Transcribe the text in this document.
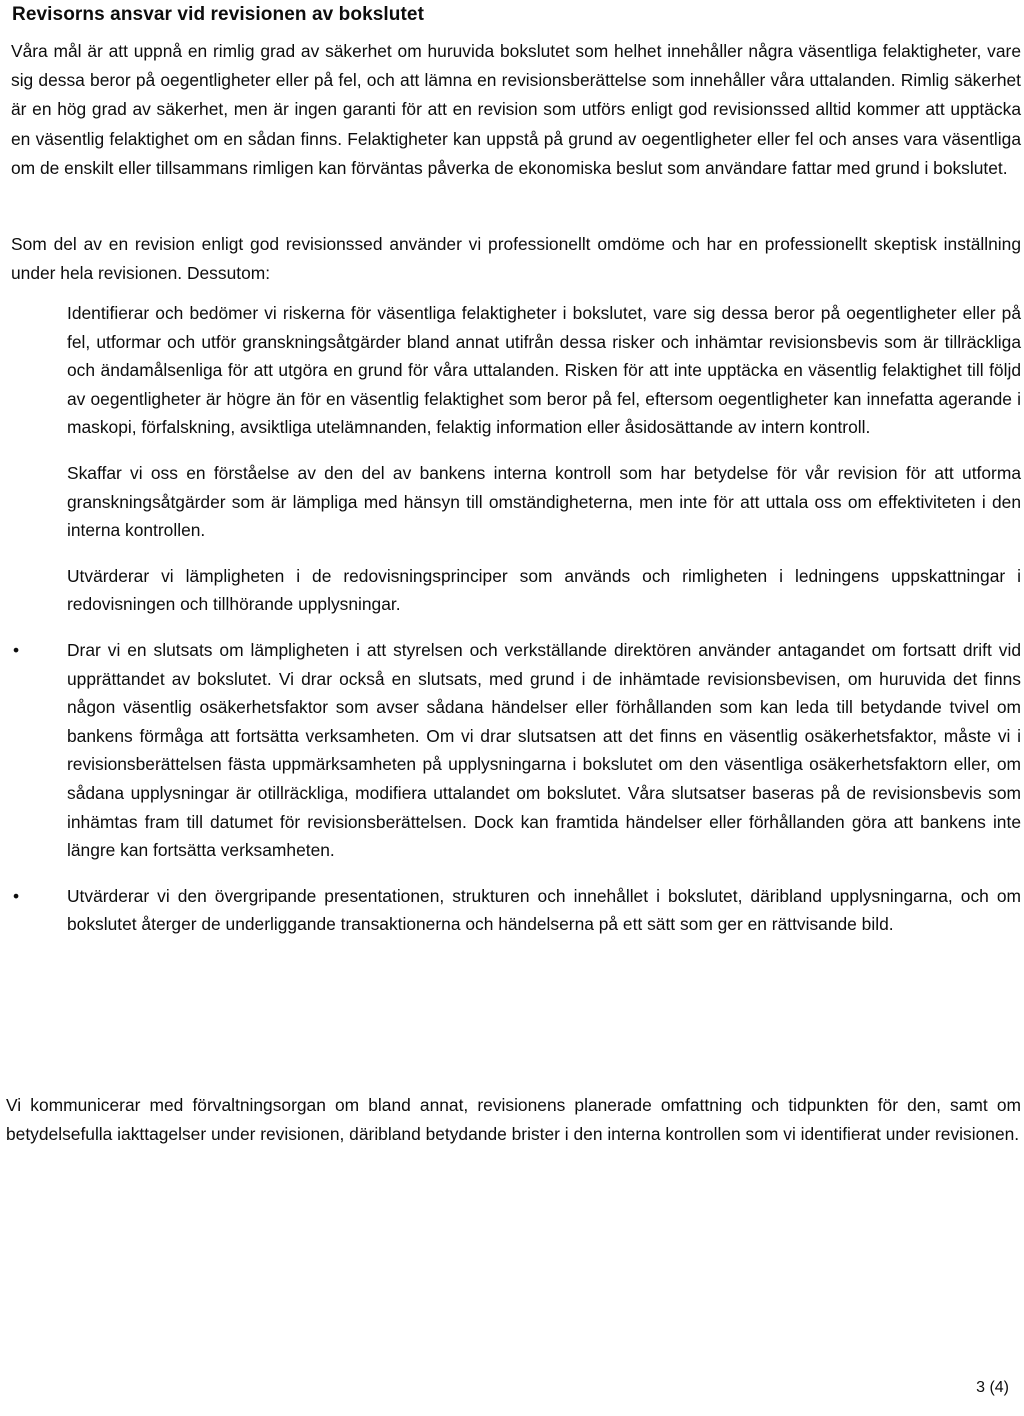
Revisorns ansvar vid revisionen av bokslutet

Våra mål är att uppnå en rimlig grad av säkerhet om huruvida bokslutet som helhet innehåller några väsentliga felaktigheter, vare sig dessa beror på oegentligheter eller på fel, och att lämna en revisionsberättelse som innehåller våra uttalanden. Rimlig säkerhet är en hög grad av säkerhet, men är ingen garanti för att en revision som utförs enligt god revisionssed alltid kommer att upptäcka en väsentlig felaktighet om en sådan finns. Felaktigheter kan uppstå på grund av oegentligheter eller fel och anses vara väsentliga om de enskilt eller tillsammans rimligen kan förväntas påverka de ekonomiska beslut som användare fattar med grund i bokslutet.

Som del av en revision enligt god revisionssed använder vi professionellt omdöme och har en professionellt skeptisk inställning under hela revisionen. Dessutom:

Identifierar och bedömer vi riskerna för väsentliga felaktigheter i bokslutet, vare sig dessa beror på oegentligheter eller på fel, utformar och utför granskningsåtgärder bland annat utifrån dessa risker och inhämtar revisionsbevis som är tillräckliga och ändamålsenliga för att utgöra en grund för våra uttalanden. Risken för att inte upptäcka en väsentlig felaktighet till följd av oegentligheter är högre än för en väsentlig felaktighet som beror på fel, eftersom oegentligheter kan innefatta agerande i maskopi, förfalskning, avsiktliga utelämnanden, felaktig information eller åsidosättande av intern kontroll.
Skaffar vi oss en förståelse av den del av bankens interna kontroll som har betydelse för vår revision för att utforma granskningsåtgärder som är lämpliga med hänsyn till omständigheterna, men inte för att uttala oss om effektiviteten i den interna kontrollen.
Utvärderar vi lämpligheten i de redovisningsprinciper som används och rimligheten i ledningens uppskattningar i redovisningen och tillhörande upplysningar.
•	Drar vi en slutsats om lämpligheten i att styrelsen och verkställande direktören använder antagandet om fortsatt drift vid upprättandet av bokslutet. Vi drar också en slutsats, med grund i de inhämtade revisionsbevisen, om huruvida det finns någon väsentlig osäkerhetsfaktor som avser sådana händelser eller förhållanden som kan leda till betydande tvivel om bankens förmåga att fortsätta verksamheten. Om vi drar slutsatsen att det finns en väsentlig osäkerhetsfaktor, måste vi i revisionsberättelsen fästa uppmärksamheten på upplysningarna i bokslutet om den väsentliga osäkerhetsfaktorn eller, om sådana upplysningar är otillräckliga, modifiera uttalandet om bokslutet. Våra slutsatser baseras på de revisionsbevis som inhämtas fram till datumet för revisionsberättelsen. Dock kan framtida händelser eller förhållanden göra att bankens inte längre kan fortsätta verksamheten.
•	Utvärderar vi den övergripande presentationen, strukturen och innehållet i bokslutet, däribland upplysningarna, och om bokslutet återger de underliggande transaktionerna och händelserna på ett sätt som ger en rättvisande bild.

Vi kommunicerar med förvaltningsorgan om bland annat, revisionens planerade omfattning och tidpunkten för den, samt om betydelsefulla iakttagelser under revisionen, däribland betydande brister i den interna kontrollen som vi identifierat under revisionen.

3 (4)
